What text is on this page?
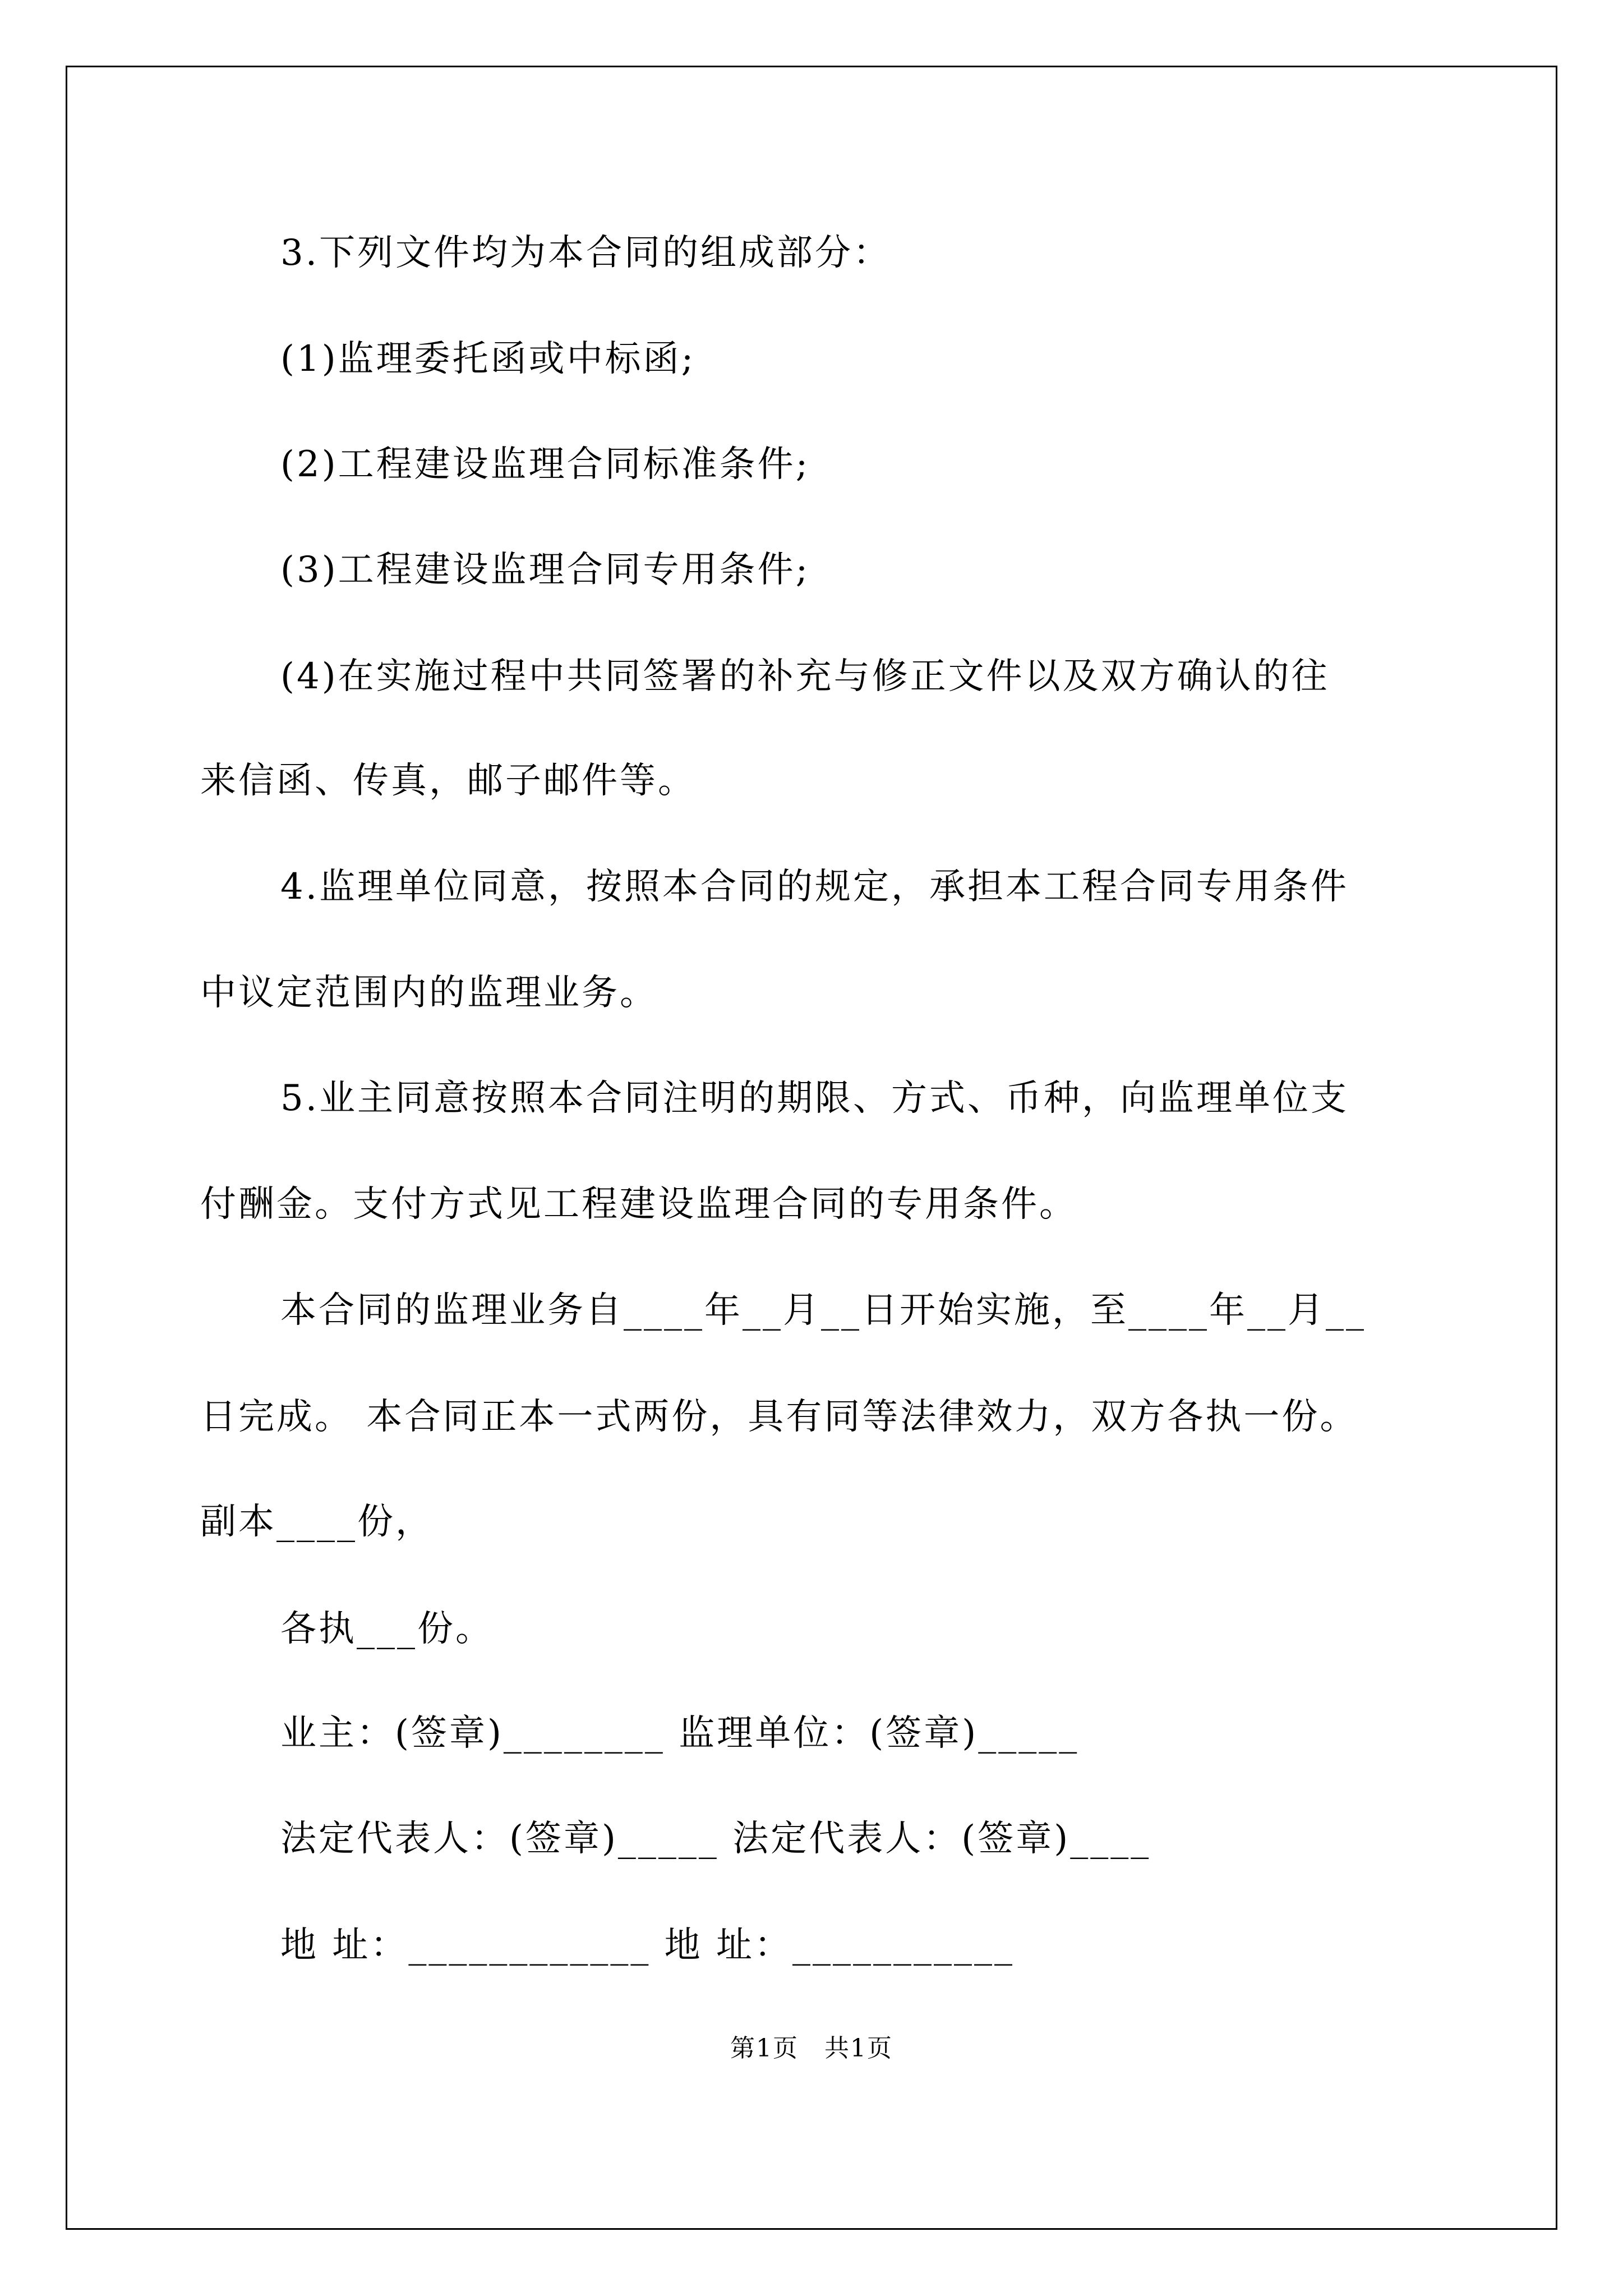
3.下列文件均为本合同的组成部分：
(1)监理委托函或中标函;
(2)工程建设监理合同标准条件;
(3)工程建设监理合同专用条件;
(4)在实施过程中共同签署的补充与修正文件以及双方确认的往
来信函、传真，邮子邮件等。
4.监理单位同意，按照本合同的规定，承担本工程合同专用条件
中议定范围内的监理业务。
5.业主同意按照本合同注明的期限、方式、币种，向监理单位支
付酬金。支付方式见工程建设监理合同的专用条件。
本合同的监理业务自____年__月__日开始实施，至____年__月__
日完成。 本合同正本一式两份，具有同等法律效力，双方各执一份。
副本____份，
各执___份。
业主：(签章)________ 监理单位：(签章)_____
法定代表人：(签章)_____ 法定代表人：(签章)____
地 址：____________ 地 址：___________
第1页　共1页
